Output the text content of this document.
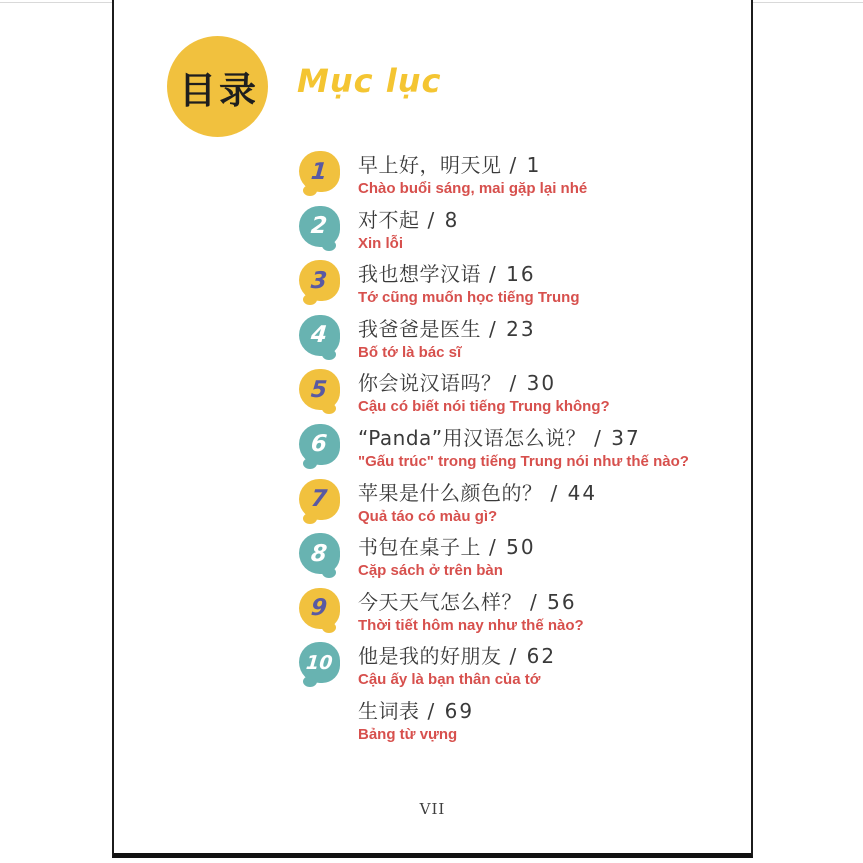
目录 Mục lục
1 早上好，明天见 / 1
Chào buổi sáng, mai gặp lại nhé
2 对不起 / 8
Xin lỗi
3 我也想学汉语 / 16
Tớ cũng muốn học tiếng Trung
4 我爸爸是医生 / 23
Bố tớ là bác sĩ
5 你会说汉语吗？ / 30
Cậu có biết nói tiếng Trung không?
6 “Panda”用汉语怎么说？ / 37
"Gấu trúc" trong tiếng Trung nói như thế nào?
7 苹果是什么颜色的？ / 44
Quả táo có màu gì?
8 书包在桌子上 / 50
Cặp sách ở trên bàn
9 今天天气怎么样？ / 56
Thời tiết hôm nay như thế nào?
10 他是我的好朋友 / 62
Cậu ấy là bạn thân của tớ
生词表 / 69
Bảng từ vựng
VII
